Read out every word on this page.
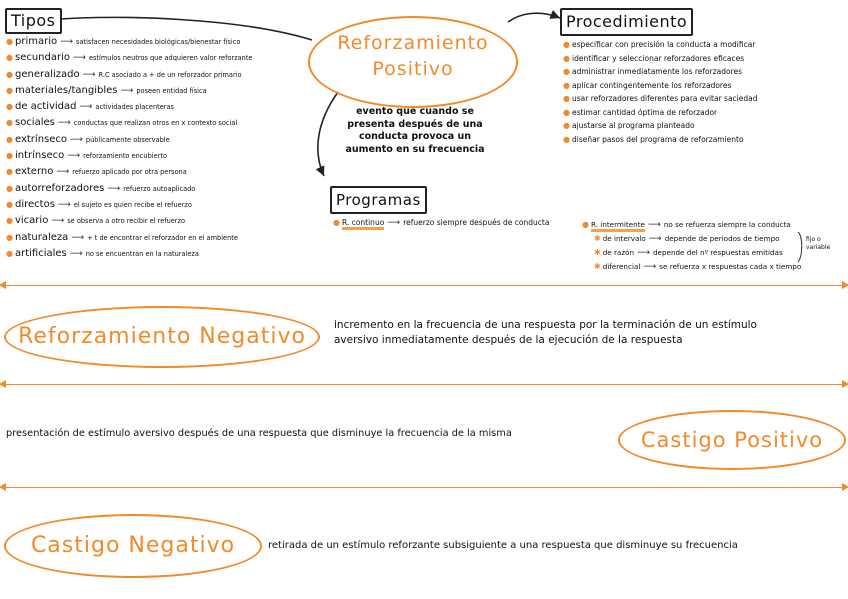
Tipos
● primario ⟶ satisfacen necesidades biológicas/bienestar físico
● secundario ⟶ estímulos neutros que adquieren valor reforzante
● generalizado ⟶ R.C asociado a + de un reforzador primario
● materiales/tangibles ⟶ poseen entidad física
● de actividad ⟶ actividades placenteras
● sociales ⟶ conductas que realizan otros en x contexto social
● extrínseco ⟶ públicamente observable
● intrínseco ⟶ reforzamiento encubierto
● externo ⟶ refuerzo aplicado por otra persona
● autorreforzadores ⟶ refuerzo autoaplicado
● directos ⟶ el sujeto es quien recibe el refuerzo
● vicario ⟶ se observa a otro recibir el refuerzo
● naturaleza ⟶ + t de encontrar el reforzador en el ambiente
● artificiales ⟶ no se encuentran en la naturaleza
Reforzamiento
Positivo
evento que cuando se
presenta después de una
conducta provoca un
aumento en su frecuencia
Procedimiento
● especificar con precisión la conducta a modificar
● identificar y seleccionar reforzadores eficaces
● administrar inmediatamente los reforzadores
● aplicar contingentemente los reforzadores
● usar reforzadores diferentes para evitar saciedad
● estimar cantidad óptima de reforzador
● ajustarse al programa planteado
● diseñar pasos del programa de reforzamiento
Programas
● R. continuo ⟶ refuerzo siempre después de conducta	● R. intermitente ⟶ no se refuerza siempre la conducta
✱ de intervalo ⟶ depende de periodos de tiempo
✱ de razón ⟶ depende del nº respuestas emitidas
✱ diferencial ⟶ se refuerza x respuestas cada x tiempo
fijo o
variable
Reforzamiento Negativo	incremento en la frecuencia de una respuesta por la terminación de un estímulo
aversivo inmediatamente después de la ejecución de la respuesta
presentación de estímulo aversivo después de una respuesta que disminuye la frecuencia de la misma	Castigo Positivo
Castigo Negativo	retirada de un estímulo reforzante subsiguiente a una respuesta que disminuye su frecuencia
